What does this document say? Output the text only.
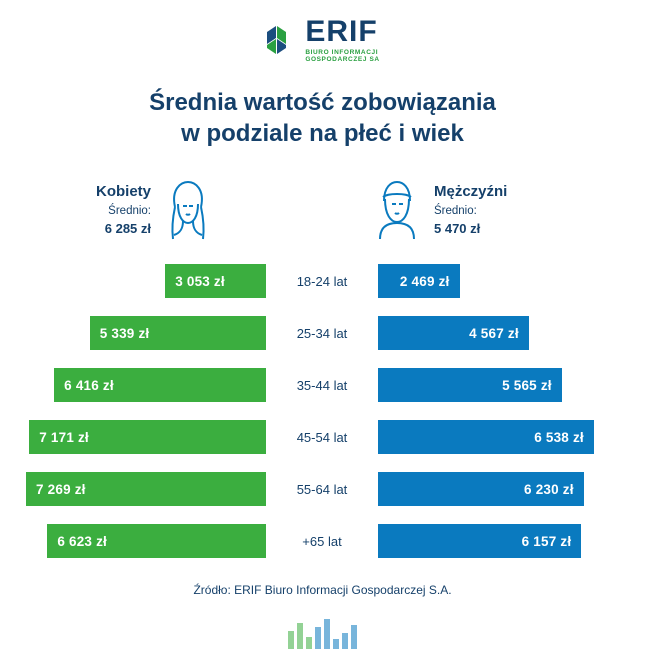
ERIF
BIURO INFORMACJI
GOSPODARCZEJ SA
Średnia wartość zobowiązania
w podziale na płeć i wiek
Kobiety
Średnio:
6 285 zł
Mężczyźni
Średnio:
5 470 zł
3 053 zł	18-24 lat	2 469 zł
5 339 zł	25-34 lat	4 567 zł
6 416 zł	35-44 lat	5 565 zł
7 171 zł	45-54 lat	6 538 zł
7 269 zł	55-64 lat	6 230 zł
6 623 zł	+65 lat	6 157 zł
Źródło: ERIF Biuro Informacji Gospodarczej S.A.
